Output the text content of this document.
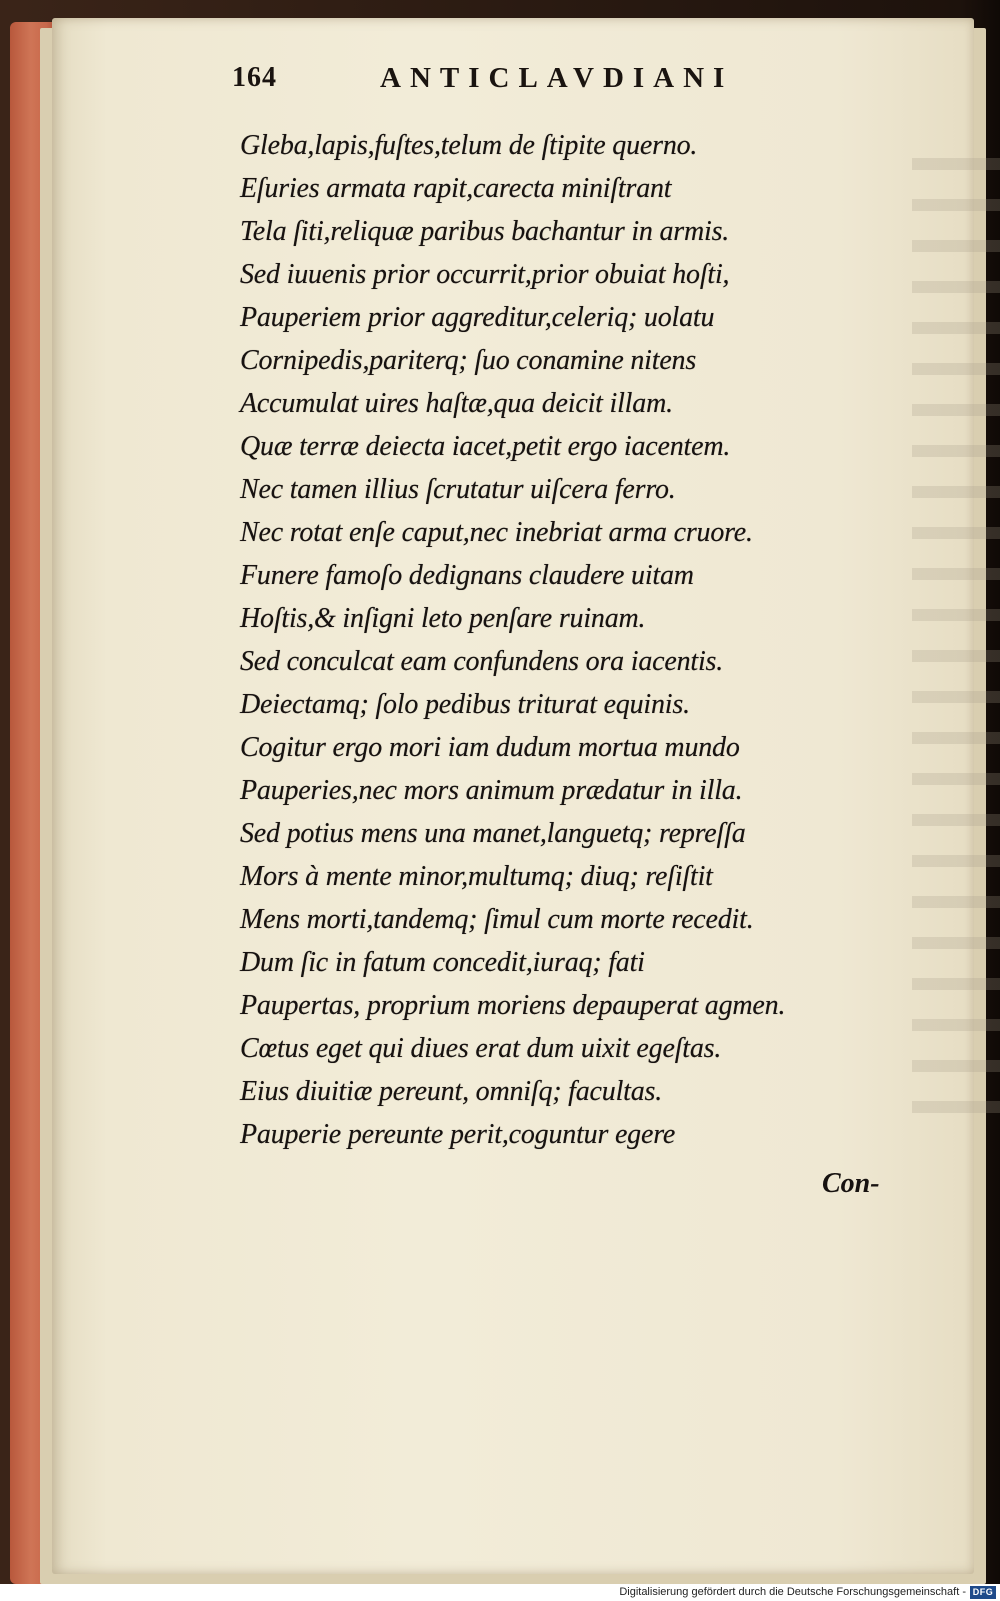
164	ANTICLAVDIANI
Gleba,lapis,fuſtes,telum de ſtipite querno.
Eſuries armata rapit,carecta miniſtrant
Tela ſiti,reliquæ paribus bachantur in armis.
Sed iuuenis prior occurrit,prior obuiat hoſti,
Pauperiem prior aggreditur,celeriq; uolatu
Cornipedis,pariterq; ſuo conamine nitens
Accumulat uires haſtæ,qua deicit illam.
Quæ terræ deiecta iacet,petit ergo iacentem.
Nec tamen illius ſcrutatur uiſcera ferro.
Nec rotat enſe caput,nec inebriat arma cruore.
Funere famoſo dedignans claudere uitam
Hoſtis,& inſigni leto penſare ruinam.
Sed conculcat eam confundens ora iacentis.
Deiectamq; ſolo pedibus triturat equinis.
Cogitur ergo mori iam dudum mortua mundo
Pauperies,nec mors animum prædatur in illa.
Sed potius mens una manet,languetq; repreſſa
Mors à mente minor,multumq; diuq; reſiſtit
Mens morti,tandemq; ſimul cum morte recedit.
Dum ſic in fatum concedit,iuraq; fati
Paupertas, proprium moriens depauperat agmen.
Cœtus eget qui diues erat dum uixit egeſtas.
Eius diuitiæ pereunt, omniſq; facultas.
Pauperie pereunte perit,coguntur egere
Con-
Digitalisierung gefördert durch die Deutsche Forschungsgemeinschaft - DFG
